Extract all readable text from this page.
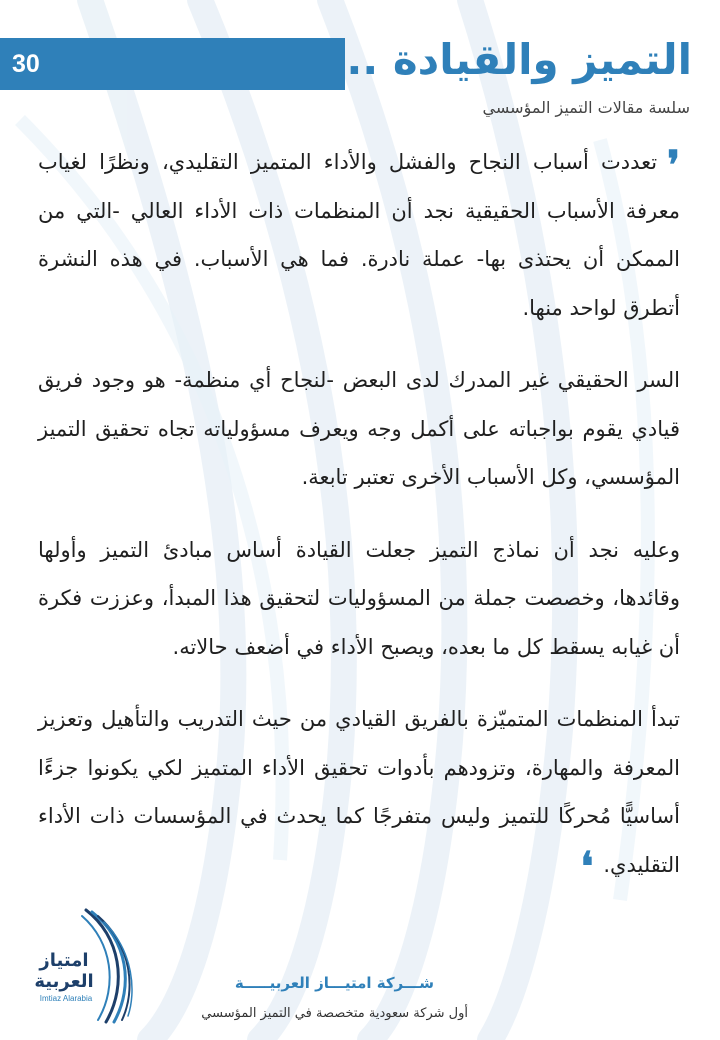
30	التميز والقيادة ..
سلسة مقالات التميز المؤسسي

❜تعددت أسباب النجاح والفشل والأداء المتميز التقليدي، ونظرًا لغياب معرفة الأسباب الحقيقية نجد أن المنظمات ذات الأداء العالي -التي من الممكن أن يحتذى بها- عملة نادرة. فما هي الأسباب. في هذه النشرة أتطرق لواحد منها.

السر الحقيقي غير المدرك لدى البعض -لنجاح أي منظمة- هو وجود فريق قيادي يقوم بواجباته على أكمل وجه ويعرف مسؤولياته تجاه تحقيق التميز المؤسسي، وكل الأسباب الأخرى تعتبر تابعة.

وعليه نجد أن نماذج التميز جعلت القيادة أساس مبادئ التميز وأولها وقائدها، وخصصت جملة من المسؤوليات لتحقيق هذا المبدأ، وعززت فكرة أن غيابه يسقط كل ما بعده، ويصبح الأداء في أضعف حالاته.

تبدأ المنظمات المتميّزة بالفريق القيادي من حيث التدريب والتأهيل وتعزيز المعرفة والمهارة، وتزودهم بأدوات تحقيق الأداء المتميز لكي يكونوا جزءًا أساسيًّا مُحركًا للتميز وليس متفرجًا كما يحدث في المؤسسات ذات الأداء التقليدي.❛

امتياز
العربية
Imtiaz Alarabia
شـــركة امتيـــاز العربيـــــة
أول شركة سعودية متخصصة في التميز المؤسسي
